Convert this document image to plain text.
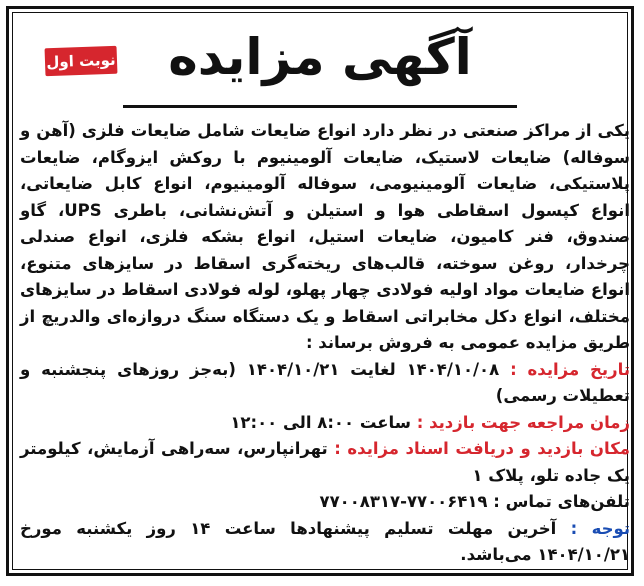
آگهی مزایده
نوبت اول

یکی از مراکز صنعتی در نظر دارد انواع ضایعات شامل ضایعات فلزی (آهن و سوفاله) ضایعات لاستیک، ضایعات آلومینیوم با روکش ایزوگام، ضایعات پلاستیکی، ضایعات آلومینیومی، سوفاله آلومینیوم، انواع کابل ضایعاتی، انواع کپسول اسقاطی هوا و استیلن و آتش‌نشانی، باطری UPS، گاو صندوق، فنر کامیون، ضایعات استیل، انواع بشکه فلزی، انواع صندلی چرخدار، روغن سوخته، قالب‌های ریخته‌گری اسقاط در سایزهای متنوع، انواع ضایعات مواد اولیه فولادی چهار پهلو، لوله فولادی اسقاط در سایزهای مختلف، انواع دکل مخابراتی اسقاط و یک دستگاه سنگ دروازه‌ای والدریچ از طریق مزایده عمومی به فروش برساند :

تاریخ مزایده : ۱۴۰۴/۱۰/۰۸ لغایت ۱۴۰۴/۱۰/۲۱ (به‌جز روزهای پنجشنبه و تعطیلات رسمی)

زمان مراجعه جهت بازدید : ساعت ۸:۰۰ الی ۱۲:۰۰

مکان بازدید و دریافت اسناد مزایده : تهرانپارس، سه‌راهی آزمایش، کیلومتر یک جاده تلو، پلاک ۱

تلفن‌های تماس : ۷۷۰۰۶۴۱۹-۷۷۰۰۸۳۱۷

توجه : آخرین مهلت تسلیم پیشنهادها ساعت ۱۴ روز یکشنبه مورخ ۱۴۰۴/۱۰/۲۱ می‌باشد.
